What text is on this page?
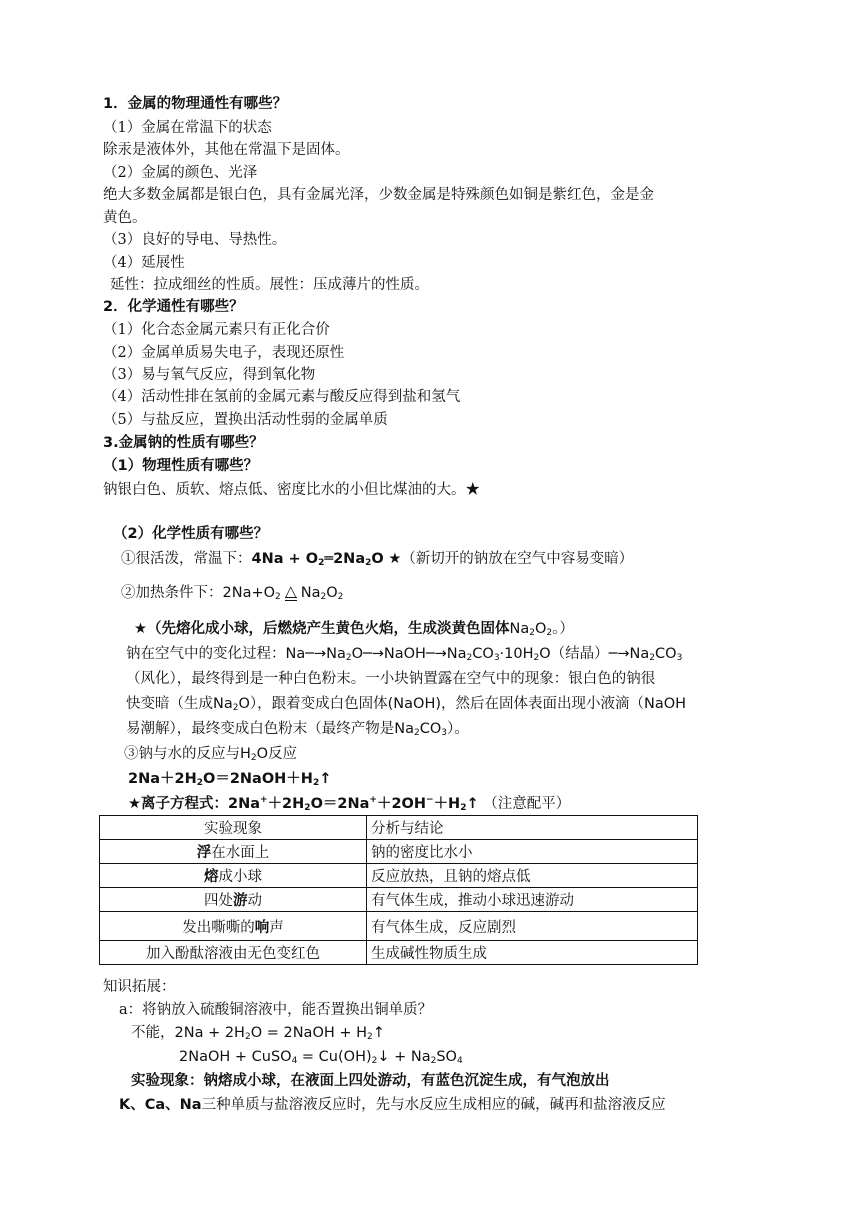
1．金属的物理通性有哪些？
（1）金属在常温下的状态
除汞是液体外，其他在常温下是固体。
（2）金属的颜色、光泽
绝大多数金属都是银白色，具有金属光泽，少数金属是特殊颜色如铜是紫红色，金是金
黄色。
（3）良好的导电、导热性。
（4）延展性
延性：拉成细丝的性质。展性：压成薄片的性质。
2．化学通性有哪些？
（1）化合态金属元素只有正化合价
（2）金属单质易失电子，表现还原性
（3）易与氧气反应，得到氧化物
（4）活动性排在氢前的金属元素与酸反应得到盐和氢气
（5）与盐反应，置换出活动性弱的金属单质
3.金属钠的性质有哪些？
（1）物理性质有哪些？
钠银白色、质软、熔点低、密度比水的小但比煤油的大。★
（2）化学性质有哪些？
①很活泼，常温下：$4Na + O_2═2Na_2O$ ★（新切开的钠放在空气中容易变暗）
②加热条件下：$2Na+O_2$ △ $Na_2O_2$
★（先熔化成小球，后燃烧产生黄色火焰，生成淡黄色固体$Na_2O_2$。）
钠在空气中的变化过程：$Na─\to Na_2O─\to NaOH─\to Na_2CO_3\cdot 10H_2O$（结晶）$─\to Na_2CO_3$
（风化），最终得到是一种白色粉末。一小块钠置露在空气中的现象：银白色的钠很
快变暗（生成$Na_2O$），跟着变成白色固体(NaOH)，然后在固体表面出现小液滴（NaOH
易潮解），最终变成白色粉末（最终产物是$Na_2CO_3$）。
③钠与水的反应与$H_2O$反应
$2Na+2H_2O=2NaOH+H_2↑$
★离子方程式：$2Na^++2H_2O=2Na^++2OH^-+H_2↑$ （注意配平）
实验现象	分析与结论
浮在水面上	钠的密度比水小
熔成小球	反应放热，且钠的熔点低
四处游动	有气体生成，推动小球迅速游动
发出嘶嘶的响声	有气体生成，反应剧烈
加入酚酞溶液由无色变红色	生成碱性物质生成
知识拓展：
a：将钠放入硫酸铜溶液中，能否置换出铜单质？
不能，$2Na + 2H_2O$ = 2NaOH + $H_2↑$
2NaOH + CuSO$_4$ = $Cu(OH)_2↓ + Na_2SO_4$
实验现象：钠熔成小球，在液面上四处游动，有蓝色沉淀生成，有气泡放出
K、Ca、Na三种单质与盐溶液反应时，先与水反应生成相应的碱，碱再和盐溶液反应
